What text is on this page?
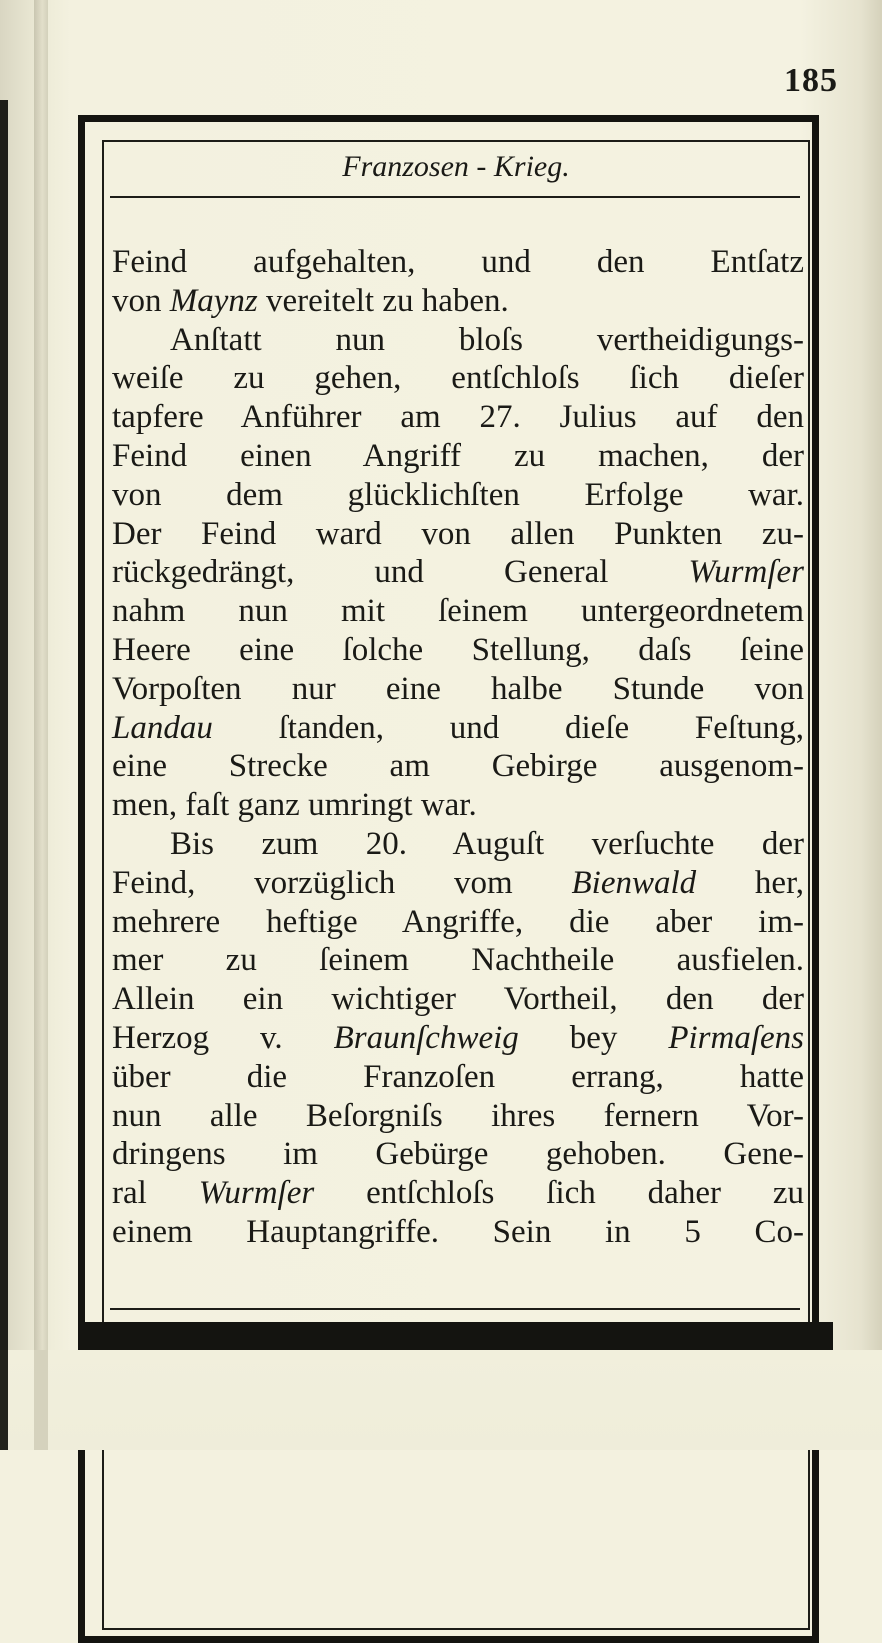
185
Franzosen - Krieg.
Feind aufgehalten, und den Entſatz
von Maynz vereitelt zu haben.
Anſtatt nun bloſs vertheidigungs-
weiſe zu gehen, entſchloſs ſich dieſer
tapfere Anführer am 27. Julius auf den
Feind einen Angriff zu machen, der
von dem glücklichſten Erfolge war.
Der Feind ward von allen Punkten zu-
rückgedrängt, und General Wurmſer
nahm nun mit ſeinem untergeordnetem
Heere eine ſolche Stellung, daſs ſeine
Vorpoſten nur eine halbe Stunde von
Landau ſtanden, und dieſe Feſtung,
eine Strecke am Gebirge ausgenom-
men, faſt ganz umringt war.
Bis zum 20. Auguſt verſuchte der
Feind, vorzüglich vom Bienwald her,
mehrere heftige Angriffe, die aber im-
mer zu ſeinem Nachtheile ausfielen.
Allein ein wichtiger Vortheil, den der
Herzog v. Braunſchweig bey Pirmaſens
über die Franzoſen errang, hatte
nun alle Beſorgniſs ihres fernern Vor-
dringens im Gebürge gehoben. Gene-
ral Wurmſer entſchloſs ſich daher zu
einem Hauptangriffe. Sein in 5 Co-
